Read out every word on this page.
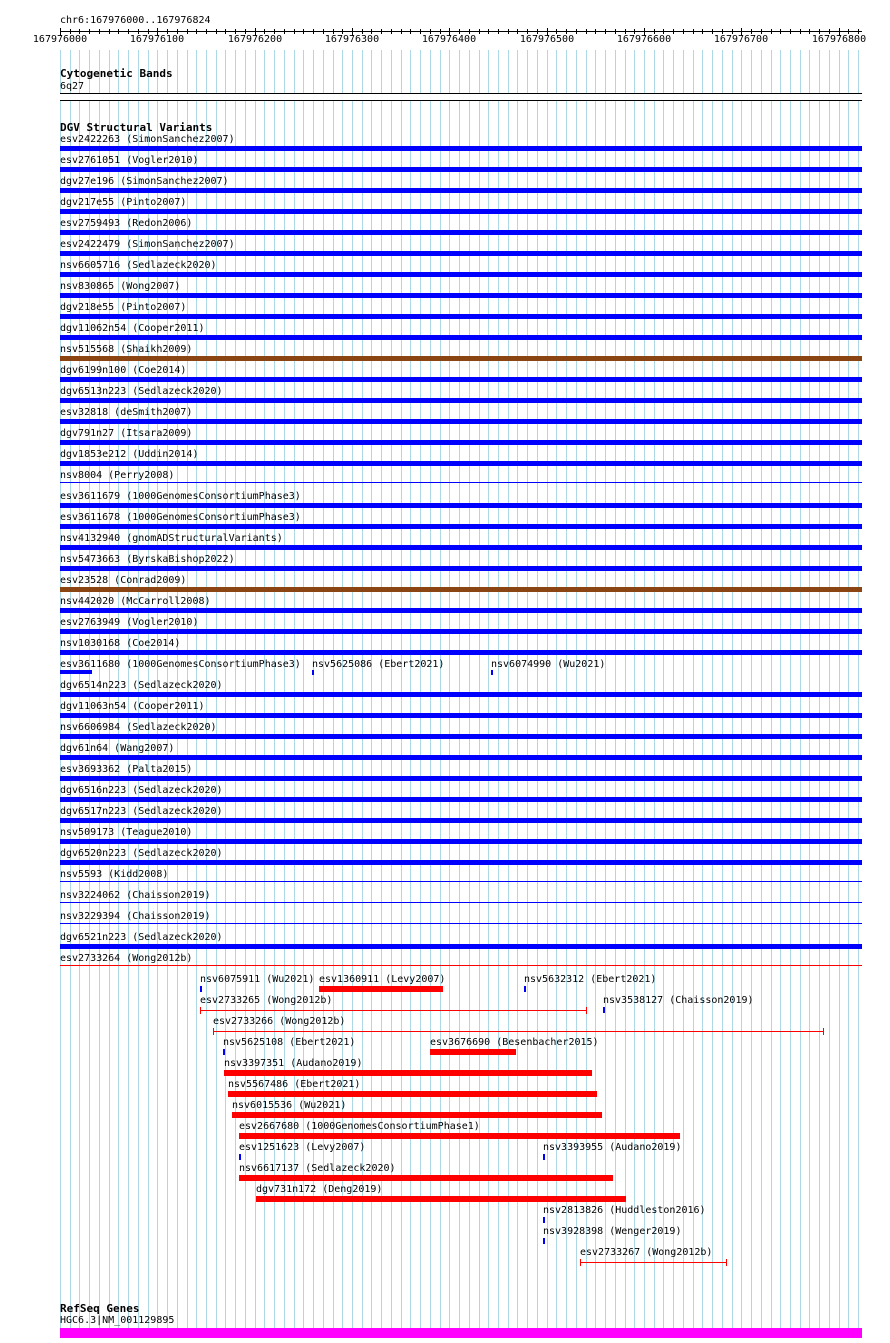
chr6:167976000..167976824
167976000	167976100	167976200	167976300	167976400	167976500	167976600	167976700	167976800
Cytogenetic Bands
6q27
DGV Structural Variants
esv2422263 (SimonSanchez2007)
esv2761051 (Vogler2010)
dgv27e196 (SimonSanchez2007)
dgv217e55 (Pinto2007)
esv2759493 (Redon2006)
esv2422479 (SimonSanchez2007)
nsv6605716 (Sedlazeck2020)
nsv830865 (Wong2007)
dgv218e55 (Pinto2007)
dgv11062n54 (Cooper2011)
nsv515568 (Shaikh2009)
dgv6199n100 (Coe2014)
dgv6513n223 (Sedlazeck2020)
esv32818 (deSmith2007)
dgv791n27 (Itsara2009)
dgv1853e212 (Uddin2014)
nsv8004 (Perry2008)
esv3611679 (1000GenomesConsortiumPhase3)
esv3611678 (1000GenomesConsortiumPhase3)
nsv4132940 (gnomADStructuralVariants)
nsv5473663 (ByrskaBishop2022)
esv23528 (Conrad2009)
nsv442020 (McCarroll2008)
esv2763949 (Vogler2010)
nsv1030168 (Coe2014)
esv3611680 (1000GenomesConsortiumPhase3) nsv5625086 (Ebert2021)	nsv6074990 (Wu2021)
dgv6514n223 (Sedlazeck2020)
dgv11063n54 (Cooper2011)
nsv6606984 (Sedlazeck2020)
dgv61n64 (Wang2007)
esv3693362 (Palta2015)
dgv6516n223 (Sedlazeck2020)
dgv6517n223 (Sedlazeck2020)
nsv509173 (Teague2010)
dgv6520n223 (Sedlazeck2020)
nsv5593 (Kidd2008)
nsv3224062 (Chaisson2019)
nsv3229394 (Chaisson2019)
dgv6521n223 (Sedlazeck2020)
esv2733264 (Wong2012b)
nsv6075911 (Wu2021) esv1360911 (Levy2007)	nsv5632312 (Ebert2021)
esv2733265 (Wong2012b)	nsv3538127 (Chaisson2019)
esv2733266 (Wong2012b)
nsv5625108 (Ebert2021)	esv3676690 (Besenbacher2015)
nsv3397351 (Audano2019)
nsv5567486 (Ebert2021)
nsv6015536 (Wu2021)
esv2667680 (1000GenomesConsortiumPhase1)
esv1251623 (Levy2007)	nsv3393955 (Audano2019)
nsv6617137 (Sedlazeck2020)
dgv731n172 (Deng2019)
nsv2813826 (Huddleston2016)
nsv3928398 (Wenger2019)
esv2733267 (Wong2012b)
RefSeq Genes
HGC6.3|NM_001129895
